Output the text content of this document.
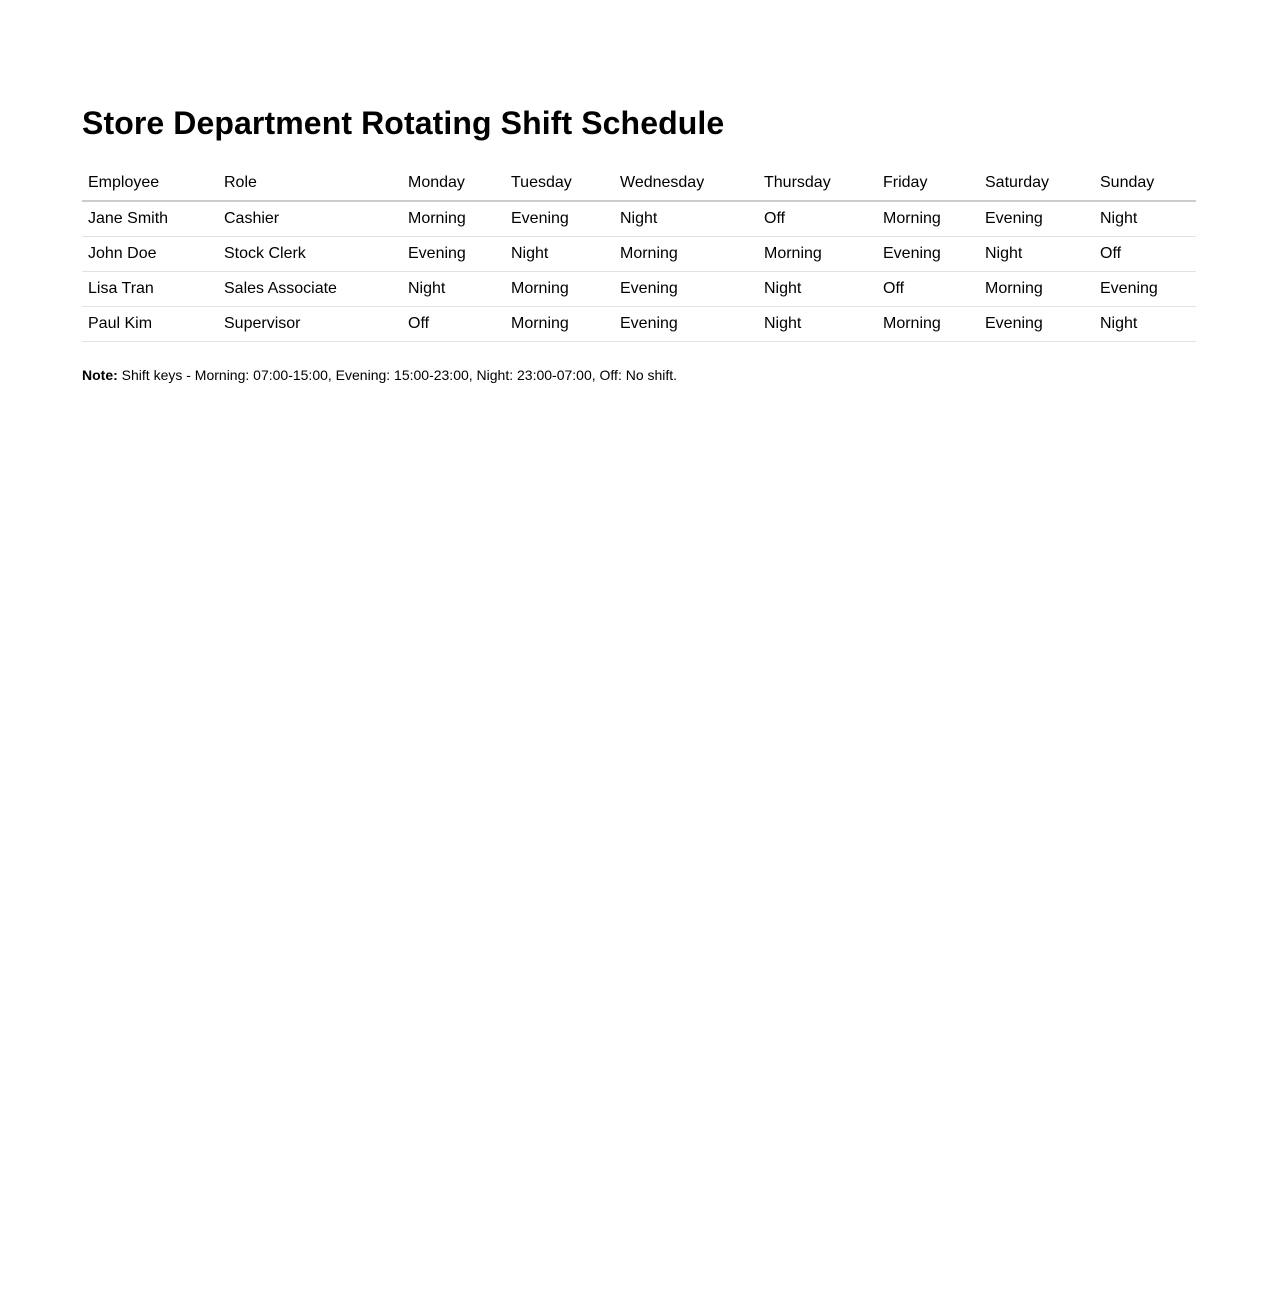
Store Department Rotating Shift Schedule
Employee	Role	Monday	Tuesday	Wednesday	Thursday	Friday	Saturday	Sunday
Jane Smith	Cashier	Morning	Evening	Night	Off	Morning	Evening	Night
John Doe	Stock Clerk	Evening	Night	Morning	Morning	Evening	Night	Off
Lisa Tran	Sales Associate	Night	Morning	Evening	Night	Off	Morning	Evening
Paul Kim	Supervisor	Off	Morning	Evening	Night	Morning	Evening	Night

Note: Shift keys - Morning: 07:00-15:00, Evening: 15:00-23:00, Night: 23:00-07:00, Off: No shift.
